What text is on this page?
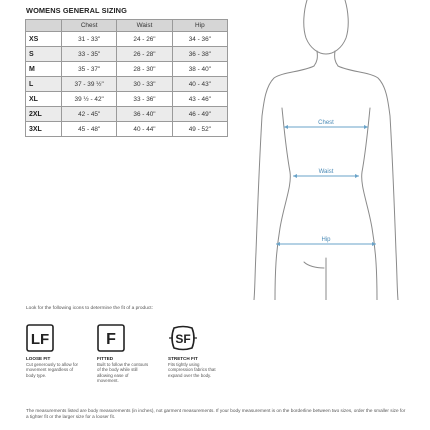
WOMENS GENERAL SIZING
	Chest	Waist	Hip
XS	31 - 33"	24 - 26"	34 - 36"
S	33 - 35"	26 - 28"	36 - 38"
M	35 - 37"	28 - 30"	38 - 40"
L	37 - 39 ½"	30 - 33"	40 - 43"
XL	39 ½ - 42"	33 - 36"	43 - 46"
2XL	42 - 45"	36 - 40"	46 - 49"
3XL	45 - 48"	40 - 44"	49 - 52"
Chest
Waist
Hip
Look for the following icons to determine the fit of a product:
LF
LOOSE FIT
Cut generously to allow for movement regardless of body type.
F
FITTED
Built to follow the contours of the body while still allowing ease of movement.
SF
STRETCH FIT
Fits tightly using compression fabrics that expand over the body.
The measurements listed are body measurements (in inches), not garment measurements. If your body measurement is on the borderline between two sizes, order the smaller size for a tighter fit or the larger size for a looser fit.
